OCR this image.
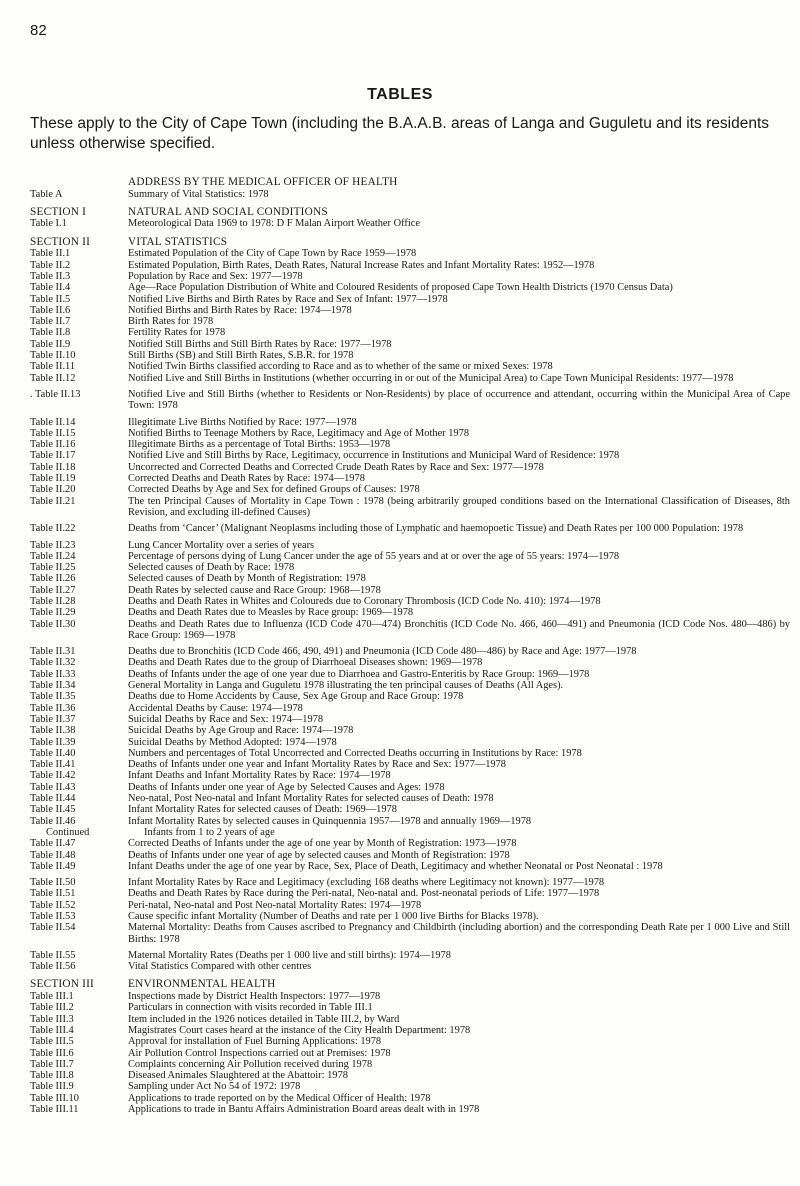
82
TABLES
These apply to the City of Cape Town (including the B.A.A.B. areas of Langa and Guguletu and its residents unless otherwise specified.
ADDRESS BY THE MEDICAL OFFICER OF HEALTH
Table A	Summary of Vital Statistics: 1978
SECTION I	NATURAL AND SOCIAL CONDITIONS
Table I.1	Meteorological Data 1969 to 1978: D F Malan Airport Weather Office
SECTION II	VITAL STATISTICS
Table II.1	Estimated Population of the City of Cape Town by Race 1959—1978
Table II.2	Estimated Population, Birth Rates, Death Rates, Natural Increase Rates and Infant Mortality Rates: 1952—1978
Table II.3	Population by Race and Sex: 1977—1978
Table II.4	Age—Race Population Distribution of White and Coloured Residents of proposed Cape Town Health Districts (1970 Census Data)
Table II.5	Notified Live Births and Birth Rates by Race and Sex of Infant: 1977—1978
Table II.6	Notified Births and Birth Rates by Race: 1974—1978
Table II.7	Birth Rates for 1978
Table II.8	Fertility Rates for 1978
Table II.9	Notified Still Births and Still Birth Rates by Race: 1977—1978
Table II.10	Still Births (SB) and Still Birth Rates, S.B.R. for 1978
Table II.11	Notified Twin Births classified according to Race and as to whether of the same or mixed Sexes: 1978
Table II.12	Notified Live and Still Births in Institutions (whether occurring in or out of the Municipal Area) to Cape Town Municipal Residents: 1977—1978
. Table II.13	Notified Live and Still Births (whether to Residents or Non-Residents) by place of occurrence and attendant, occurring within the Municipal Area of Cape Town: 1978
Table II.14	Illegitimate Live Births Notified by Race: 1977—1978
Table II.15	Notified Births to Teenage Mothers by Race, Legitimacy and Age of Mother 1978
Table II.16	Illegitimate Births as a percentage of Total Births: 1953—1978
Table II.17	Notified Live and Still Births by Race, Legitimacy, occurrence in Institutions and Municipal Ward of Residence: 1978
Table II.18	Uncorrected and Corrected Deaths and Corrected Crude Death Rates by Race and Sex: 1977—1978
Table II.19	Corrected Deaths and Death Rates by Race: 1974—1978
Table II.20	Corrected Deaths by Age and Sex for defined Groups of Causes: 1978
Table II.21	The ten Principal Causes of Mortality in Cape Town : 1978 (being arbitrarily grouped conditions based on the International Classification of Diseases, 8th Revision, and excluding ill-defined Causes)
Table II.22	Deaths from ‘Cancer’ (Malignant Neoplasms including those of Lymphatic and haemopoetic Tissue) and Death Rates per 100 000 Population: 1978
Table II.23	Lung Cancer Mortality over a series of years
Table II.24	Percentage of persons dying of Lung Cancer under the age of 55 years and at or over the age of 55 years: 1974—1978
Table II.25	Selected causes of Death by Race: 1978
Table II.26	Selected causes of Death by Month of Registration: 1978
Table II.27	Death Rates by selected cause and Race Group: 1968—1978
Table II.28	Deaths and Death Rates in Whites and Coloureds due to Coronary Thrombosis (ICD Code No. 410): 1974—1978
Table II.29	Deaths and Death Rates due to Measles by Race group: 1969—1978
Table II.30	Deaths and Death Rates due to Influenza (ICD Code 470—474) Bronchitis (ICD Code No. 466, 460—491) and Pneumonia (ICD Code Nos. 480—486) by Race Group: 1969—1978
Table II.31	Deaths due to Bronchitis (ICD Code 466, 490, 491) and Pneumonia (ICD Code 480—486) by Race and Age: 1977—1978
Table II.32	Deaths and Death Rates due to the group of Diarrhoeal Diseases shown: 1969—1978
Table II.33	Deaths of Infants under the age of one year due to Diarrhoea and Gastro-Enteritis by Race Group: 1969—1978
Table II.34	General Mortality in Langa and Guguletu 1978 illustrating the ten principal causes of Deaths (All Ages).
Table II.35	Deaths due to Home Accidents by Cause, Sex Age Group and Race Group: 1978
Table II.36	Accidental Deaths by Cause: 1974—1978
Table II.37	Suicidal Deaths by Race and Sex: 1974—1978
Table II.38	Suicidal Deaths by Age Group and Race: 1974—1978
Table II.39	Suicidal Deaths by Method Adopted: 1974—1978
Table II.40	Numbers and percentages of Total Uncorrected and Corrected Deaths occurring in Institutions by Race: 1978
Table II.41	Deaths of Infants under one year and Infant Mortality Rates by Race and Sex: 1977—1978
Table II.42	Infant Deaths and Infant Mortality Rates by Race: 1974—1978
Table II.43	Deaths of Infants under one year of Age by Selected Causes and Ages: 1978
Table II.44	Neo-natal, Post Neo-natal and Infant Mortality Rates for selected causes of Death: 1978
Table II.45	Infant Mortality Rates for selected causes of Death: 1969—1978
Table II.46	Infant Mortality Rates by selected causes in Quinquennia 1957—1978 and annually 1969—1978
Continued	Infants from 1 to 2 years of age
Table II.47	Corrected Deaths of Infants under the age of one year by Month of Registration: 1973—1978
Table II.48	Deaths of Infants under one year of age by selected causes and Month of Registration: 1978
Table II.49	Infant Deaths under the age of one year by Race, Sex, Place of Death, Legitimacy and whether Neonatal or Post Neonatal : 1978
Table II.50	Infant Mortality Rates by Race and Legitimacy (excluding 168 deaths where Legitimacy not known): 1977—1978
Table II.51	Deaths and Death Rates by Race during the Peri-natal, Neo-natal and. Post-neonatal periods of Life: 1977—1978
Table II.52	Peri-natal, Neo-natal and Post Neo-natal Mortality Rates: 1974—1978
Table II.53	Cause specific infant Mortality (Number of Deaths and rate per 1 000 live Births for Blacks 1978).
Table II.54	Maternal Mortality: Deaths from Causes ascribed to Pregnancy and Childbirth (including abortion) and the corresponding Death Rate per 1 000 Live and Still Births: 1978
Table II.55	Maternal Mortality Rates (Deaths per 1 000 live and still births): 1974—1978
Table II.56	Vital Statistics Compared with other centres
SECTION III	ENVIRONMENTAL HEALTH
Table III.1	Inspections made by District Health Inspectors: 1977—1978
Table III.2	Particulars in connection with visits recorded in Table III.1
Table III.3	Item included in the 1926 notices detailed in Table III.2, by Ward
Table III.4	Magistrates Court cases heard at the instance of the City Health Department: 1978
Table III.5	Approval for installation of Fuel Burning Applications: 1978
Table III.6	Air Pollution Control Inspections carried out at Premises: 1978
Table III.7	Complaints concerning Air Pollution received during 1978
Table III.8	Diseased Animales Slaughtered at the Abattoir: 1978
Table III.9	Sampling under Act No 54 of 1972: 1978
Table III.10	Applications to trade reported on by the Medical Officer of Health: 1978
Table III.11	Applications to trade in Bantu Affairs Administration Board areas dealt with in 1978
